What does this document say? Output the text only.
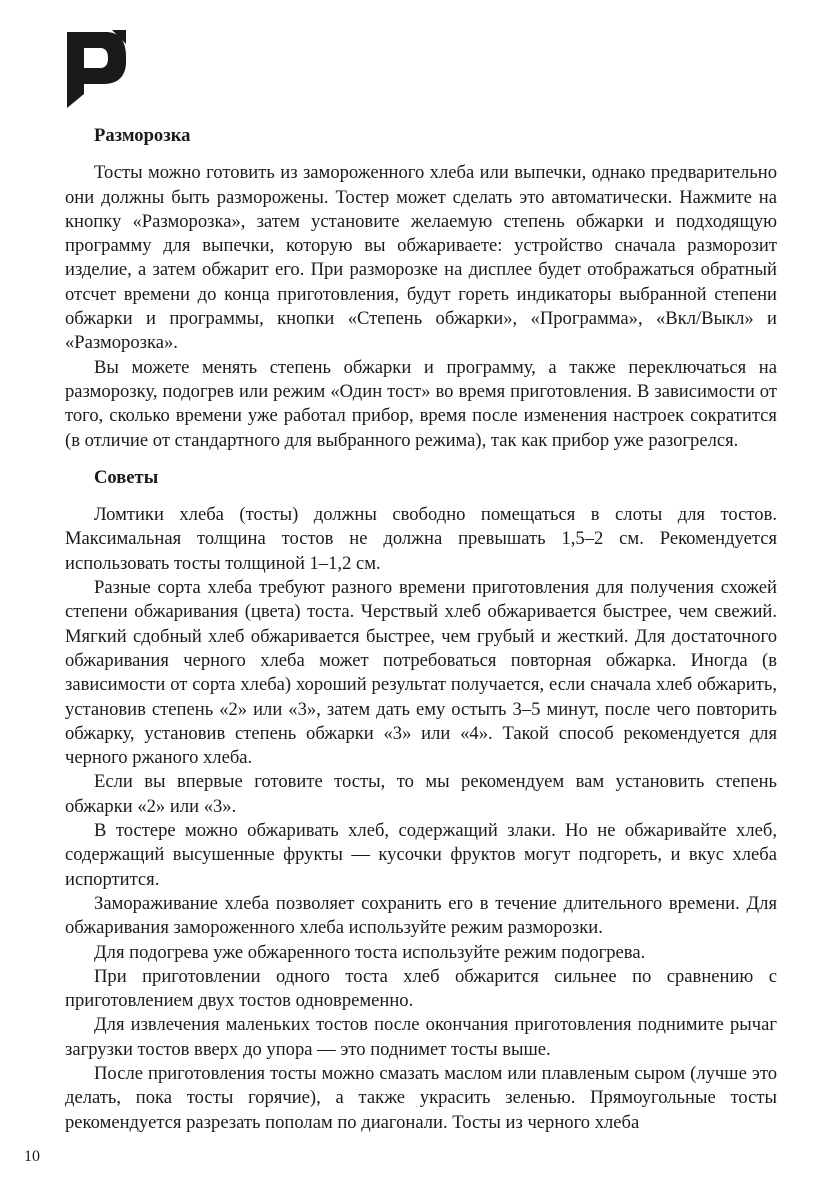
Разморозка

Тосты можно готовить из замороженного хлеба или выпечки, однако предварительно они должны быть разморожены. Тостер может сделать это автоматически. Нажмите на кнопку «Разморозка», затем установите желаемую степень обжарки и подходящую программу для выпечки, которую вы обжариваете: устройство сначала разморозит изделие, а затем обжарит его. При разморозке на дисплее будет отображаться обратный отсчет времени до конца приготовления, будут гореть индикаторы выбранной степени обжарки и программы, кнопки «Степень обжарки», «Программа», «Вкл/Выкл» и «Разморозка».

Вы можете менять степень обжарки и программу, а также переключаться на разморозку, подогрев или режим «Один тост» во время приготовления. В зависимости от того, сколько времени уже работал прибор, время после изменения настроек сократится (в отличие от стандартного для выбранного режима), так как прибор уже разогрелся.

Советы

Ломтики хлеба (тосты) должны свободно помещаться в слоты для тостов. Максимальная толщина тостов не должна превышать 1,5–2 см. Рекомендуется использовать тосты толщиной 1–1,2 см.

Разные сорта хлеба требуют разного времени приготовления для получения схожей степени обжаривания (цвета) тоста. Черствый хлеб обжаривается быстрее, чем свежий. Мягкий сдобный хлеб обжаривается быстрее, чем грубый и жесткий. Для достаточного обжаривания черного хлеба может потребоваться повторная обжарка. Иногда (в зависимости от сорта хлеба) хороший результат получается, если сначала хлеб обжарить, установив степень «2» или «3», затем дать ему остыть 3–5 минут, после чего повторить обжарку, установив степень обжарки «3» или «4». Такой способ рекомендуется для черного ржаного хлеба.

Если вы впервые готовите тосты, то мы рекомендуем вам установить степень обжарки «2» или «3».

В тостере можно обжаривать хлеб, содержащий злаки. Но не обжаривайте хлеб, содержащий высушенные фрукты — кусочки фруктов могут подгореть, и вкус хлеба испортится.

Замораживание хлеба позволяет сохранить его в течение длительного времени. Для обжаривания замороженного хлеба используйте режим разморозки.

Для подогрева уже обжаренного тоста используйте режим подогрева.

При приготовлении одного тоста хлеб обжарится сильнее по сравнению с приготовлением двух тостов одновременно.

Для извлечения маленьких тостов после окончания приготовления поднимите рычаг загрузки тостов вверх до упора — это поднимет тосты выше.

После приготовления тосты можно смазать маслом или плавленым сыром (лучше это делать, пока тосты горячие), а также украсить зеленью. Прямоугольные тосты рекомендуется разрезать пополам по диагонали. Тосты из черного хлеба

10
